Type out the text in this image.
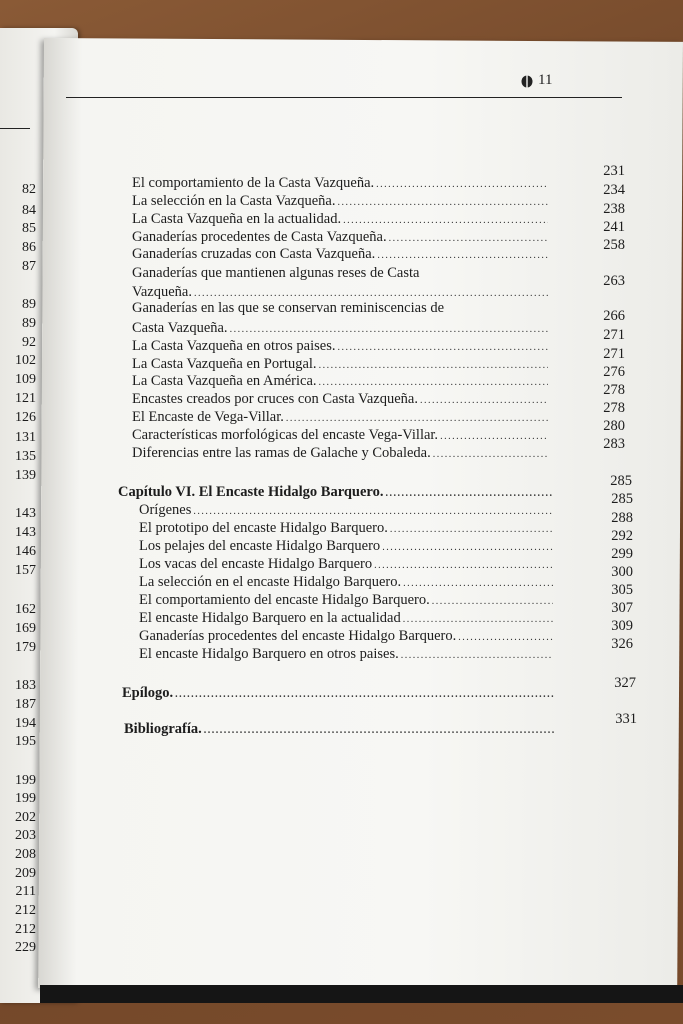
82
84
85
86
87
89
89
92
102
109
121
126
131
135
139
143
143
146
157
162
169
179
183
187
194
195
199
199
202
203
208
209
211
212
212
229
11
El comportamiento de la Casta Vazqueña.
.....
231
La selección en la Casta Vazqueña.
.....
234
La Casta Vazqueña en la actualidad.
.....
238
Ganaderías procedentes de Casta Vazqueña.
.....
241
Ganaderías cruzadas con Casta Vazqueña.
.....
258
Ganaderías que mantienen algunas reses de Casta
Vazqueña.
.....
263
Ganaderías en las que se conservan reminiscencias de
Casta Vazqueña.
.....
266
La Casta Vazqueña en otros paises.
.....
271
La Casta Vazqueña en Portugal.
.....
271
La Casta Vazqueña en América.
.....
276
Encastes creados por cruces con Casta Vazqueña.
.....
278
El Encaste de Vega-Villar.
.....
278
Características morfológicas del encaste Vega-Villar.
.....
280
Diferencias entre las ramas de Galache y Cobaleda.
.....
283
Capítulo VI. El Encaste Hidalgo Barquero.
.....
285
Orígenes
.....
285
El prototipo del encaste Hidalgo Barquero.
.....
288
Los pelajes del encaste Hidalgo Barquero
.....
292
Los vacas del encaste Hidalgo Barquero
.....
299
La selección en el encaste Hidalgo Barquero.
.....
300
El comportamiento del encaste Hidalgo Barquero.
.....
305
El encaste Hidalgo Barquero en la actualidad
.....
307
Ganaderías procedentes del encaste Hidalgo Barquero.
.....
309
El encaste Hidalgo Barquero en otros paises.
.....
326
Epílogo.
.....
327
Bibliografía.
.....
331
